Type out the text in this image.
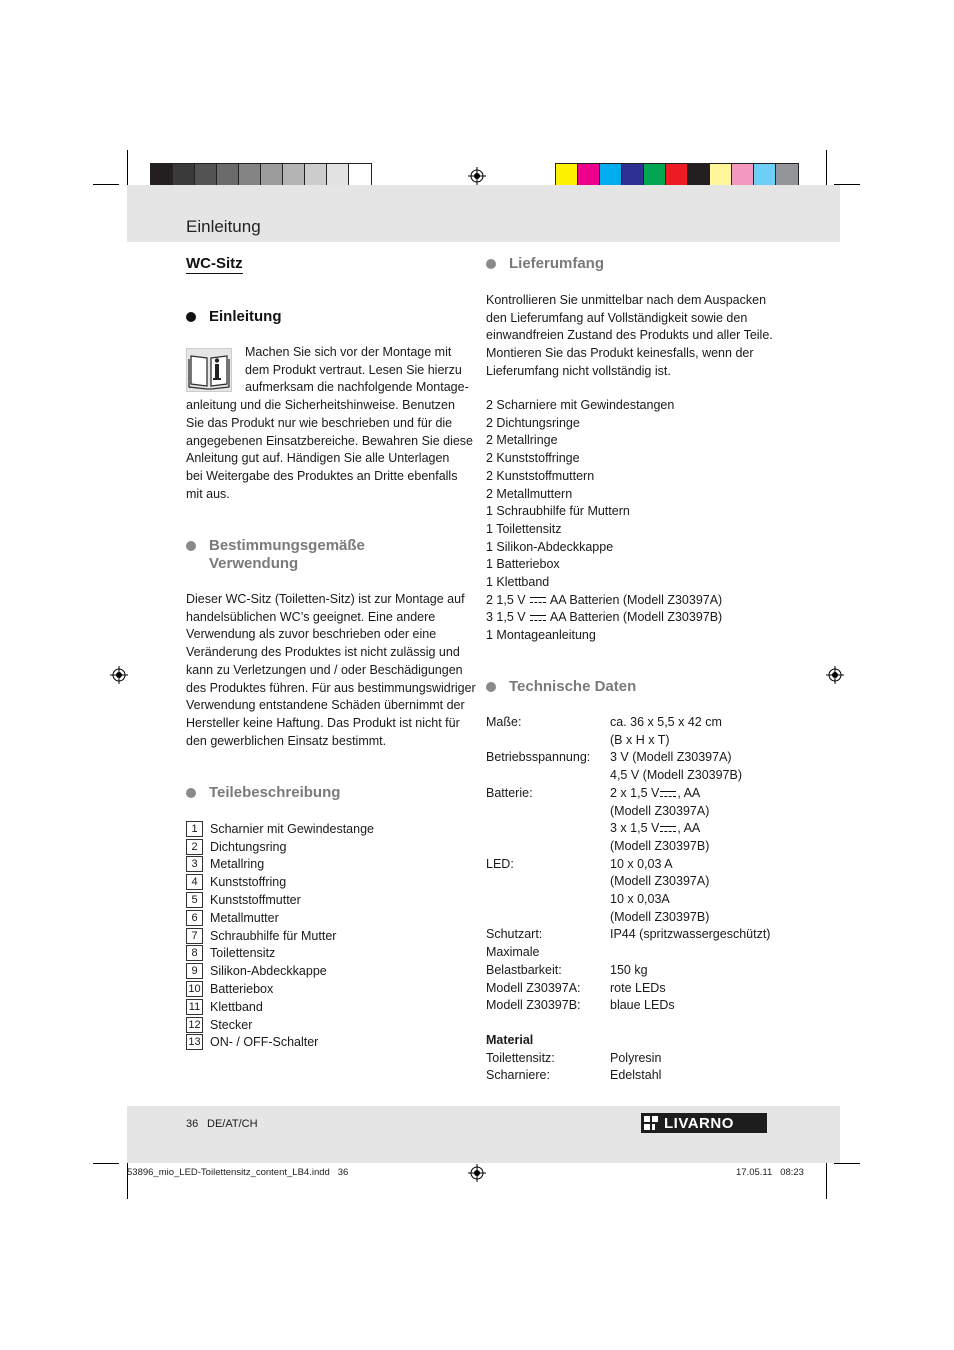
Einleitung
WC-Sitz
Einleitung

Machen Sie sich vor der Montage mit

dem Produkt vertraut. Lesen Sie hierzu

aufmerksam die nachfolgende Montage-

anleitung und die Sicherheitshinweise. Benutzen

Sie das Produkt nur wie beschrieben und für die

angegebenen Einsatzbereiche. Bewahren Sie diese

Anleitung gut auf. Händigen Sie alle Unterlagen

bei Weitergabe des Produktes an Dritte ebenfalls

mit aus.

Bestimmungsgemäße
Verwendung

Dieser WC-Sitz (Toiletten-Sitz) ist zur Montage auf

handelsüblichen WC’s geeignet. Eine andere

Verwendung als zuvor beschrieben oder eine

Veränderung des Produktes ist nicht zulässig und

kann zu Verletzungen und / oder Beschädigungen

des Produktes führen. Für aus bestimmungswidriger

Verwendung entstandene Schäden übernimmt der

Hersteller keine Haftung. Das Produkt ist nicht für

den gewerblichen Einsatz bestimmt.

Teilebeschreibung
1 Scharnier mit Gewindestange
2 Dichtungsring
3 Metallring
4 Kunststoffring
5 Kunststoffmutter
6 Metallmutter
7 Schraubhilfe für Mutter
8 Toilettensitz
9 Silikon-Abdeckkappe
10 Batteriebox
11 Klettband
12 Stecker
13 ON- / OFF-Schalter
Lieferumfang

Kontrollieren Sie unmittelbar nach dem Auspacken

den Lieferumfang auf Vollständigkeit sowie den

einwandfreien Zustand des Produkts und aller Teile.

Montieren Sie das Produkt keinesfalls, wenn der

Lieferumfang nicht vollständig ist.

2 Scharniere mit Gewindestangen

2 Dichtungsringe

2 Metallringe

2 Kunststoffringe

2 Kunststoffmuttern

2 Metallmuttern

1 Schraubhilfe für Muttern

1 Toilettensitz

1 Silikon-Abdeckkappe

1 Batteriebox

1 Klettband

2 1,5 V AA Batterien (Modell Z30397A)

3 1,5 V AA Batterien (Modell Z30397B)

1 Montageanleitung

Technische Daten
Maße:	ca. 36 x 5,5 x 42 cm
(B x H x T)
Betriebsspannung:	3 V (Modell Z30397A)
4,5 V (Modell Z30397B)
Batterie:	2 x 1,5 V , AA
(Modell Z30397A)
3 x 1,5 V , AA
(Modell Z30397B)
LED:	10 x 0,03 A
(Modell Z30397A)
10 x 0,03A
(Modell Z30397B)
Schutzart:	IP44 (spritzwassergeschützt)
Maximale
Belastbarkeit:	150 kg
Modell Z30397A:	rote LEDs
Modell Z30397B:	blaue LEDs
Material
Toilettensitz:	Polyresin
Scharniere:	Edelstahl
36 DE/AT/CH	LIVARNO
53896_mio_LED-Toilettensitz_content_LB4.indd   36	17.05.11   08:23
